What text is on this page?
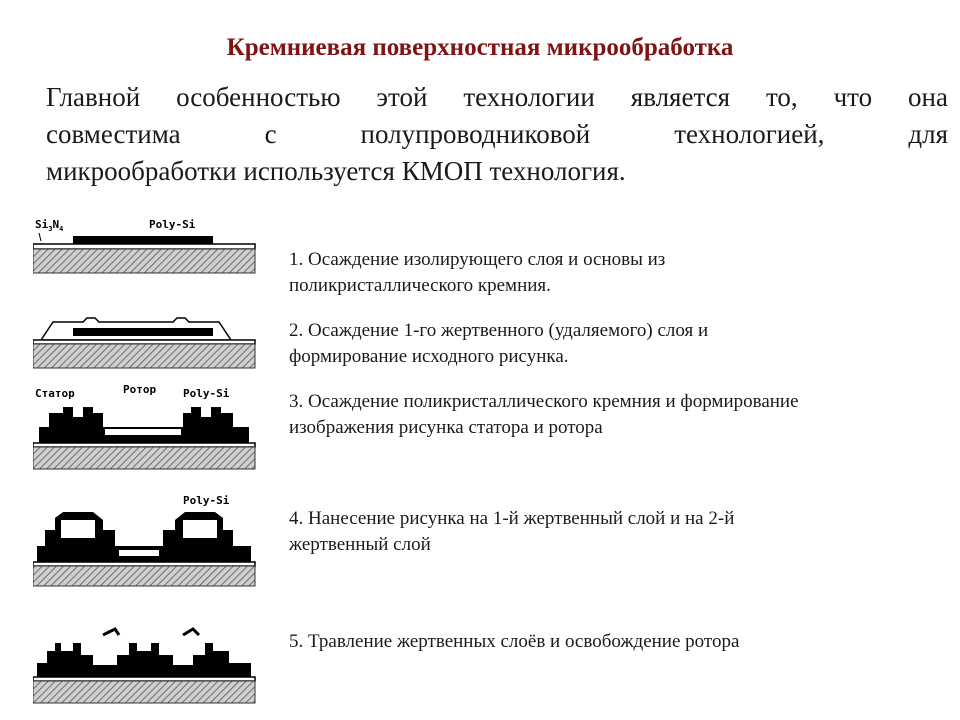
Кремниевая поверхностная микрообработка
Главной особенностью этой технологии является то, что она
совместима с полупроводниковой технологией, для
микрообработки используется КМОП технология.
$Si_3N_4$	Poly-Si
Статор	Ротор Poly-Si
Poly-Si
1. Осаждение изолирующего слоя и основы из
поликристаллического кремния.
2. Осаждение 1-го жертвенного (удаляемого) слоя и
формирование исходного рисунка.
3. Осаждение поликристаллического кремния и формирование
изображения рисунка статора и ротора
4. Нанесение рисунка на 1-й жертвенный слой и на 2-й
жертвенный слой
5. Травление жертвенных слоёв и освобождение ротора
